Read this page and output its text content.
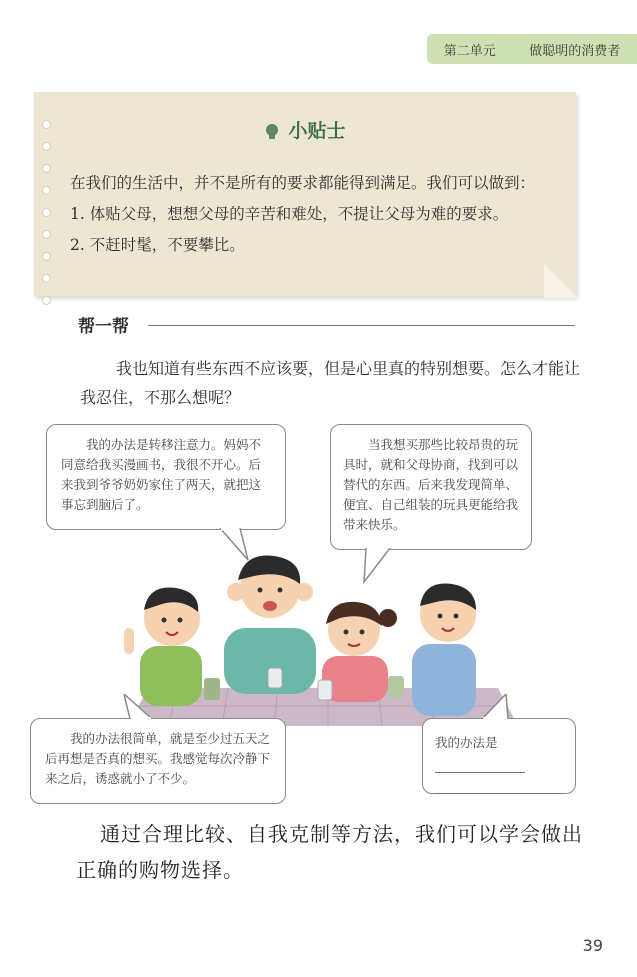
第二单元	做聪明的消费者
小贴士
在我们的生活中，并不是所有的要求都能得到满足。我们可以做到：
1. 体贴父母，想想父母的辛苦和难处，不提让父母为难的要求。
2. 不赶时髦，不要攀比。
帮一帮
我也知道有些东西不应该要，但是心里真的特别想要。怎么才能让我忍住，不那么想呢？

我的办法是转移注意力。妈妈不同意给我买漫画书，我很不开心。后来我到爷爷奶奶家住了两天，就把这事忘到脑后了。

当我想买那些比较昂贵的玩具时，就和父母协商，找到可以替代的东西。后来我发现简单、便宜、自己组装的玩具更能给我带来快乐。

我的办法很简单，就是至少过五天之后再想是否真的想买。我感觉每次冷静下来之后，诱惑就小了不少。

我的办法是
通过合理比较、自我克制等方法，我们可以学会做出正确的购物选择。
39
